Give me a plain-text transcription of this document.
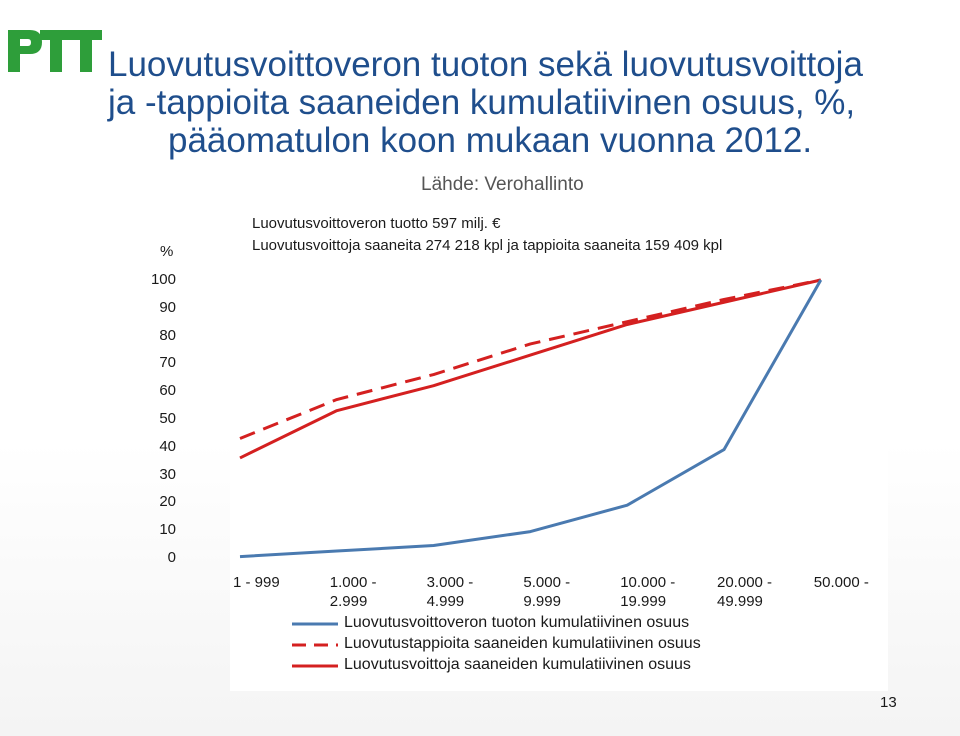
PTT
Luovutusvoittoveron tuoton sekä luovutusvoittoja
ja -tappioita saaneiden kumulatiivinen osuus, %,
pääomatulon koon mukaan vuonna 2012.
Lähde: Verohallinto
Luovutusvoittoveron tuotto 597 milj. €
Luovutusvoittoja saaneita 274 218 kpl ja tappioita saaneita 159 409 kpl
%
100
90
80
70
60
50
40
30
20
10
0
1 - 999	1.000 -
2.999
3.000 -
4.999
5.000 -
9.999
10.000 -
19.999
20.000 -
49.999
50.000 -
Luovutusvoittoveron tuoton kumulatiivinen osuus
Luovutustappioita saaneiden kumulatiivinen osuus
Luovutusvoittoja saaneiden kumulatiivinen osuus
13
